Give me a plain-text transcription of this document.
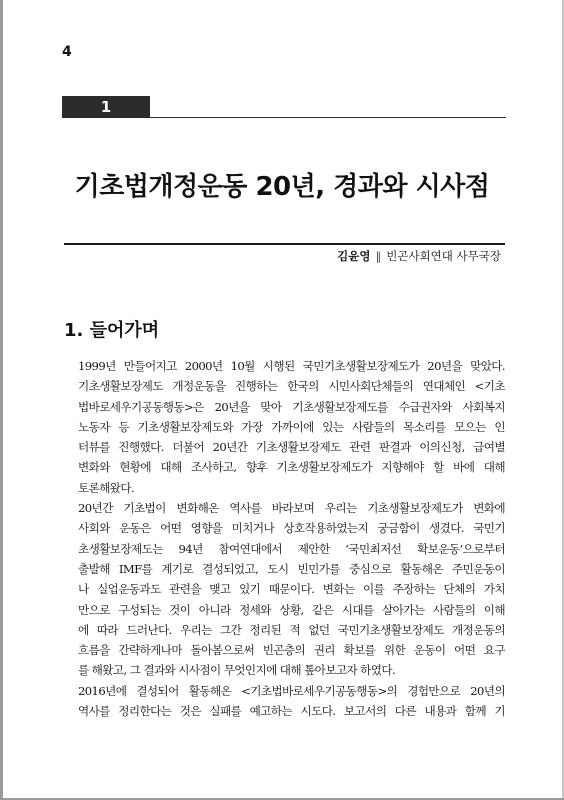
4
1
기초법개정운동 20년, 경과와 시사점
김윤영 ‖ 빈곤사회연대 사무국장
1. 들어가며
1999년 만들어지고 2000년 10월 시행된 국민기초생활보장제도가 20년을 맞았다.
기초생활보장제도 개정운동을 진행하는 한국의 시민사회단체들의 연대체인 <기초
법바로세우기공동행동>은 20년을 맞아 기초생활보장제도를 수급권자와 사회복지
노동자 등 기초생활보장제도와 가장 가까이에 있는 사람들의 목소리를 모으는 인
터뷰를 진행했다. 더불어 20년간 기초생활보장제도 관련 판결과 이의신청, 급여별
변화와 현황에 대해 조사하고, 향후 기초생활보장제도가 지향해야 할 바에 대해
토론해왔다.
20년간 기초법이 변화해온 역사를 바라보며 우리는 기초생활보장제도가 변화에
사회와 운동은 어떤 영향을 미치거나 상호작용하였는지 궁금함이 생겼다. 국민기
초생활보장제도는 94년 참여연대에서 제안한 ‘국민최저선 확보운동’으로부터
출발해 IMF를 계기로 결성되었고, 도시 빈민가를 중심으로 활동해온 주민운동이
나 실업운동과도 관련을 맺고 있기 때문이다. 변화는 이를 주장하는 단체의 가치
만으로 구성되는 것이 아니라 정세와 상황, 같은 시대를 살아가는 사람들의 이해
에 따라 드러난다. 우리는 그간 정리된 적 없던 국민기초생활보장제도 개정운동의
흐름을 간략하게나마 돌아봄으로써 빈곤층의 권리 확보를 위한 운동이 어떤 요구
를 해왔고, 그 결과와 시사점이 무엇인지에 대해 톺아보고자 하였다.
2016년에 결성되어 활동해온 <기초법바로세우기공동행동>의 경험만으로 20년의
역사를 정리한다는 것은 실패를 예고하는 시도다. 보고서의 다른 내용과 함께 기
